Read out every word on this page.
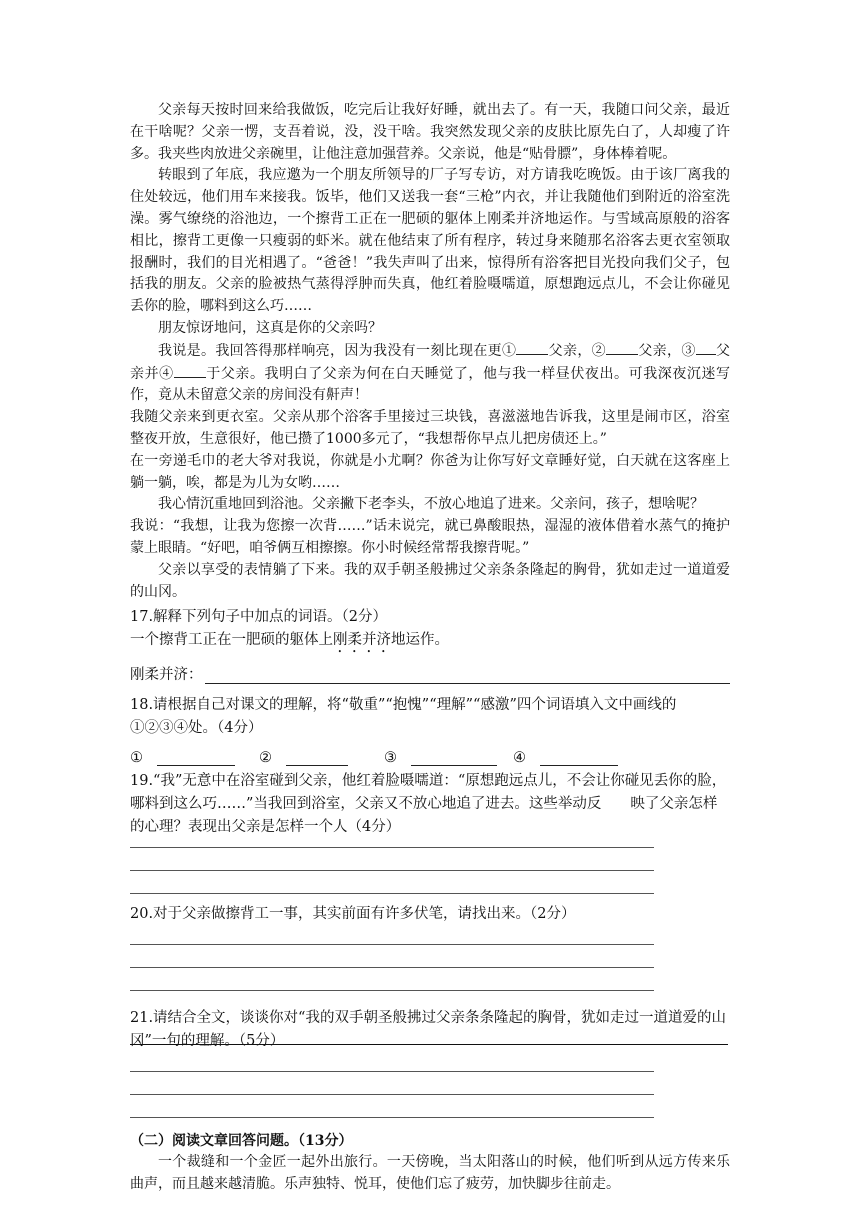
父亲每天按时回来给我做饭，吃完后让我好好睡，就出去了。有一天，我随口问父亲，最近在干啥呢？父亲一愣，支吾着说，没，没干啥。我突然发现父亲的皮肤比原先白了，人却瘦了许多。我夹些肉放进父亲碗里，让他注意加强营养。父亲说，他是“贴骨膘”，身体棒着呢。

转眼到了年底，我应邀为一个朋友所领导的厂子写专访，对方请我吃晚饭。由于该厂离我的住处较远，他们用车来接我。饭毕，他们又送我一套“三枪”内衣，并让我随他们到附近的浴室洗澡。雾气缭绕的浴池边，一个擦背工正在一肥硕的躯体上刚柔并济地运作。与雪域高原般的浴客相比，擦背工更像一只瘦弱的虾米。就在他结束了所有程序，转过身来随那名浴客去更衣室领取报酬时，我们的目光相遇了。“爸爸！”我失声叫了出来，惊得所有浴客把目光投向我们父子，包括我的朋友。父亲的脸被热气蒸得浮肿而失真，他红着脸嗫嚅道，原想跑远点儿，不会让你碰见丢你的脸，哪料到这么巧……

朋友惊讶地问，这真是你的父亲吗？

我说是。我回答得那样响亮，因为我没有一刻比现在更① 父亲，② 父亲，③ 父亲并④ 于父亲。我明白了父亲为何在白天睡觉了，他与我一样昼伏夜出。可我深夜沉迷写作，竟从未留意父亲的房间没有鼾声！

我随父亲来到更衣室。父亲从那个浴客手里接过三块钱，喜滋滋地告诉我，这里是闹市区，浴室整夜开放，生意很好，他已攒了1000多元了，“我想帮你早点儿把房债还上。”

在一旁递毛巾的老大爷对我说，你就是小尤啊？你爸为让你写好文章睡好觉，白天就在这客座上躺一躺，唉，都是为儿为女哟……

我心情沉重地回到浴池。父亲撇下老李头，不放心地追了进来。父亲问，孩子，想啥呢？

我说：“我想，让我为您擦一次背……”话未说完，就已鼻酸眼热，湿湿的液体借着水蒸气的掩护蒙上眼睛。“好吧，咱爷俩互相擦擦。你小时候经常帮我擦背呢。”

父亲以享受的表情躺了下来。我的双手朝圣般拂过父亲条条隆起的胸骨，犹如走过一道道爱的山冈。

17.解释下列句子中加点的词语。（2分）

一个擦背工正在一肥硕的躯体上刚柔并济地运作。

刚柔并济：

18.请根据自己对课文的理解，将“敬重”“抱愧”“理解”“感激”四个词语填入文中画线的①②③④处。（4分）

①	②	③	④

19.“我”无意中在浴室碰到父亲，他红着脸嗫嚅道：“原想跑远点儿，不会让你碰见丢你的脸，哪料到这么巧……”当我回到浴室，父亲又不放心地追了进去。这些举动反　　映了父亲怎样的心理？表现出父亲是怎样一个人（4分）

20.对于父亲做擦背工一事，其实前面有许多伏笔，请找出来。（2分）

21.请结合全文，谈谈你对“我的双手朝圣般拂过父亲条条隆起的胸骨，犹如走过一道道爱的山冈”一句的理解。（5分）

（二）阅读文章回答问题。（13分）

一个裁缝和一个金匠一起外出旅行。一天傍晚，当太阳落山的时候，他们听到从远方传来乐曲声，而且越来越清脆。乐声独特、悦耳，使他们忘了疲劳，加快脚步往前走。
